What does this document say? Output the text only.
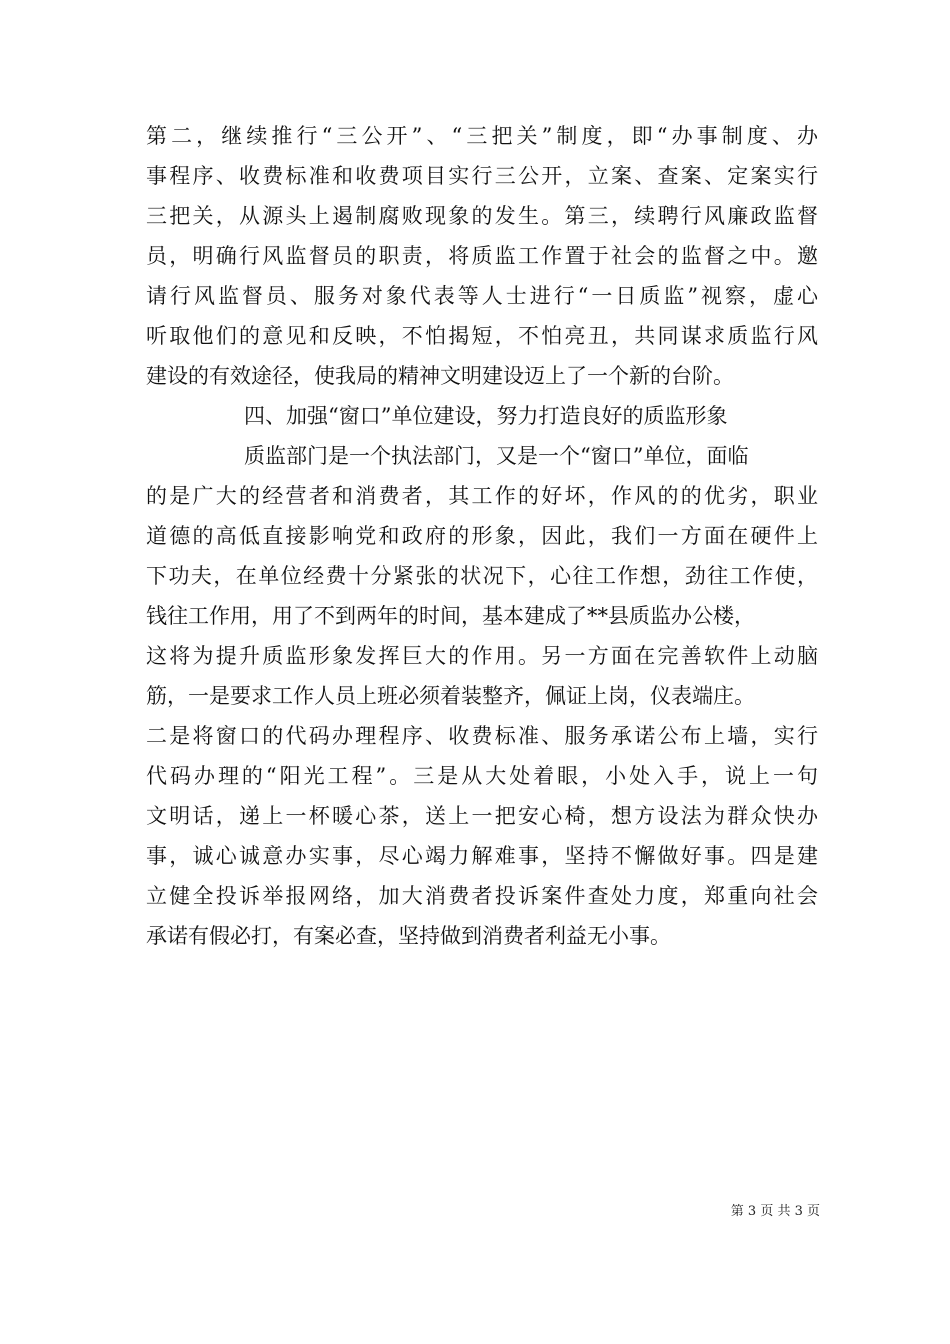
第二，继续推行“三公开”、“三把关”制度，即“办事制度、办
事程序、收费标准和收费项目实行三公开，立案、查案、定案实行
三把关，从源头上遏制腐败现象的发生。第三，续聘行风廉政监督
员，明确行风监督员的职责，将质监工作置于社会的监督之中。邀
请行风监督员、服务对象代表等人士进行“一日质监”视察，虚心
听取他们的意见和反映，不怕揭短，不怕亮丑，共同谋求质监行风
建设的有效途径，使我局的精神文明建设迈上了一个新的台阶。
四、加强“窗口”单位建设，努力打造良好的质监形象
质监部门是一个执法部门，又是一个“窗口”单位，面临
的是广大的经营者和消费者，其工作的好坏，作风的的优劣，职业
道德的高低直接影响党和政府的形象，因此，我们一方面在硬件上
下功夫，在单位经费十分紧张的状况下，心往工作想，劲往工作使，
钱往工作用，用了不到两年的时间，基本建成了**县质监办公楼，
这将为提升质监形象发挥巨大的作用。另一方面在完善软件上动脑
筋，一是要求工作人员上班必须着装整齐，佩证上岗，仪表端庄。
二是将窗口的代码办理程序、收费标准、服务承诺公布上墙，实行
代码办理的“阳光工程”。三是从大处着眼，小处入手，说上一句
文明话，递上一杯暖心茶，送上一把安心椅，想方设法为群众快办
事，诚心诚意办实事，尽心竭力解难事，坚持不懈做好事。四是建
立健全投诉举报网络，加大消费者投诉案件查处力度，郑重向社会
承诺有假必打，有案必查，坚持做到消费者利益无小事。
第 3 页 共 3 页
